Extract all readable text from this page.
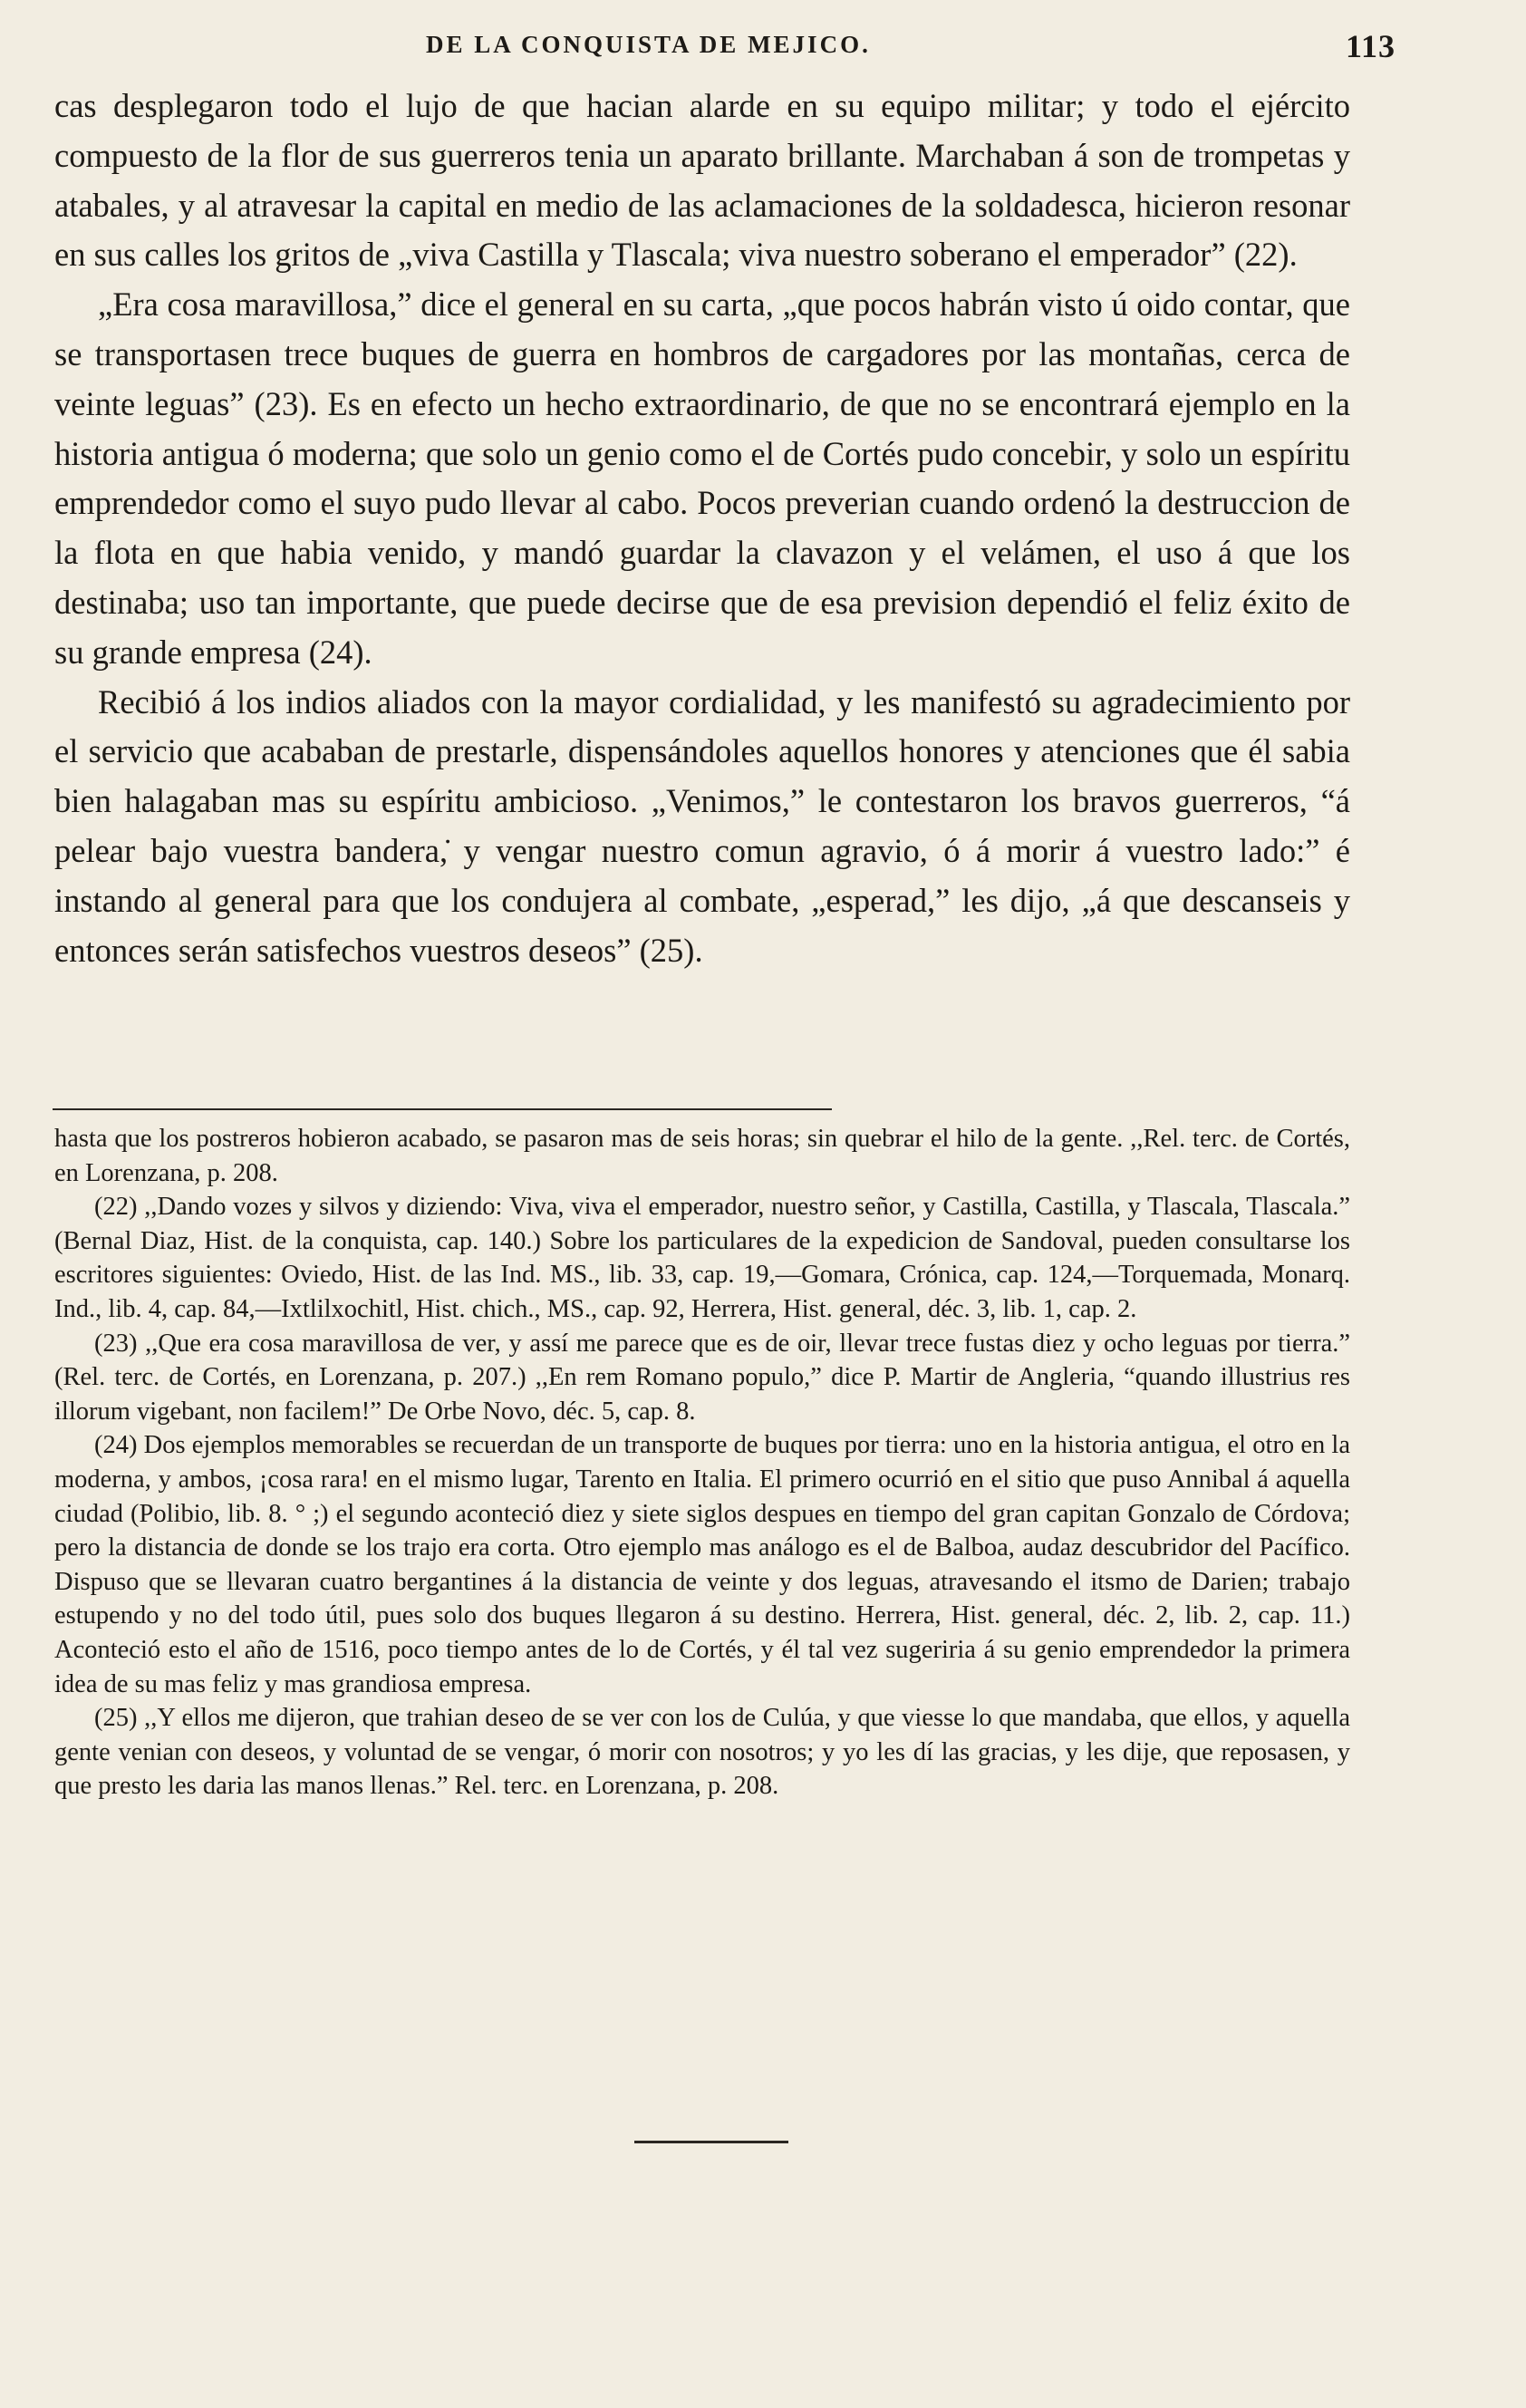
DE LA CONQUISTA DE MEJICO.	113

cas desplegaron todo el lujo de que hacian alarde en su equipo militar; y todo el ejército compuesto de la flor de sus guerreros tenia un aparato brillante. Marchaban á son de trompetas y atabales, y al atravesar la capital en medio de las aclamaciones de la soldadesca, hicieron resonar en sus calles los gritos de „viva Castilla y Tlascala; viva nuestro soberano el emperador” (22).

„Era cosa maravillosa,” dice el general en su carta, „que pocos habrán visto ú oido contar, que se transportasen trece buques de guerra en hombros de cargadores por las montañas, cerca de veinte leguas” (23). Es en efecto un hecho extraordinario, de que no se encontrará ejemplo en la historia antigua ó moderna; que solo un genio como el de Cortés pudo concebir, y solo un espíritu emprendedor como el suyo pudo llevar al cabo. Pocos preverian cuando ordenó la destruccion de la flota en que habia venido, y mandó guardar la clavazon y el velámen, el uso á que los destinaba; uso tan importante, que puede decirse que de esa prevision dependió el feliz éxito de su grande empresa (24).

Recibió á los indios aliados con la mayor cordialidad, y les manifestó su agradecimiento por el servicio que acababan de prestarle, dispensándoles aquellos honores y atenciones que él sabia bien halagaban mas su espíritu ambicioso. „Venimos,” le contestaron los bravos guerreros, “á pelear bajo vuestra bandera,̇ y vengar nuestro comun agravio, ó á morir á vuestro lado:” é instando al general para que los condujera al combate, „esperad,” les dijo, „á que descanseis y entonces serán satisfechos vuestros deseos” (25).

hasta que los postreros hobieron acabado, se pasaron mas de seis horas; sin quebrar el hilo de la gente. ,,Rel. terc. de Cortés, en Lorenzana, p. 208.

(22) ,,Dando vozes y silvos y diziendo: Viva, viva el emperador, nuestro señor, y Castilla, Castilla, y Tlascala, Tlascala.” (Bernal Diaz, Hist. de la conquista, cap. 140.) Sobre los particulares de la expedicion de Sandoval, pueden consultarse los escritores siguientes: Oviedo, Hist. de las Ind. MS., lib. 33, cap. 19,—Gomara, Crónica, cap. 124,—Torquemada, Monarq. Ind., lib. 4, cap. 84,—Ixtlilxochitl, Hist. chich., MS., cap. 92, Herrera, Hist. general, déc. 3, lib. 1, cap. 2.

(23) ,,Que era cosa maravillosa de ver, y assí me parece que es de oir, llevar trece fustas diez y ocho leguas por tierra.” (Rel. terc. de Cortés, en Lorenzana, p. 207.) ,,En rem Romano populo,” dice P. Martir de Angleria, “quando illustrius res illorum vigebant, non facilem!” De Orbe Novo, déc. 5, cap. 8.

(24) Dos ejemplos memorables se recuerdan de un transporte de buques por tierra: uno en la historia antigua, el otro en la moderna, y ambos, ¡cosa rara! en el mismo lugar, Tarento en Italia. El primero ocurrió en el sitio que puso Annibal á aquella ciudad (Polibio, lib. 8. ° ;) el segundo aconteció diez y siete siglos despues en tiempo del gran capitan Gonzalo de Córdova; pero la distancia de donde se los trajo era corta. Otro ejemplo mas análogo es el de Balboa, audaz descubridor del Pacífico. Dispuso que se llevaran cuatro bergantines á la distancia de veinte y dos leguas, atravesando el itsmo de Darien; trabajo estupendo y no del todo útil, pues solo dos buques llegaron á su destino. Herrera, Hist. general, déc. 2, lib. 2, cap. 11.) Aconteció esto el año de 1516, poco tiempo antes de lo de Cortés, y él tal vez sugeriria á su genio emprendedor la primera idea de su mas feliz y mas grandiosa empresa.

(25) ,,Y ellos me dijeron, que trahian deseo de se ver con los de Culúa, y que viesse lo que mandaba, que ellos, y aquella gente venian con deseos, y voluntad de se vengar, ó morir con nosotros; y yo les dí las gracias, y les dije, que reposasen, y que presto les daria las manos llenas.” Rel. terc. en Lorenzana, p. 208.
